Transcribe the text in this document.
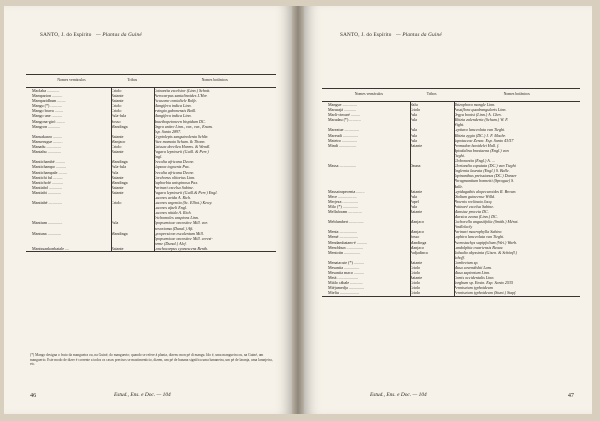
SANTO, J. do Espírito — Plantas da Guiné
Nomes vernáculos	Tribos	Nomes botânicos
Maclaba ............	Criolo	Coinantia excelsior (Linn.) Schott.
Mamparion ..........	Baiante	Pterocarpus santalinoides L'Her.
Mamparidhum ........	Baiante	Ficusome contaliele Rolfe.
Mangu (*) ...........	Criolo	Mangifera indica Linn.
Mango brava ........	Criolo	Irvingia gabonensis Baill.
Mango une ..........	Fula-fula	Mangifera indica Linn.
Mangona-giró ........	Sosso	Anaethopetoneen bispidum DC.
Mangron ............	Mandinga	Ozgra unitre Linn., var., var., Enum.
Esp. Santo 2897.
Mansakaaro .........	Baiante	Cryptolepis sanguinolenta Schltr.
Manserugue .........	Manjaco	Vitex mamaia Schum. & Thonn.
Manadu ..............	Criolo	Caissea dereilea Harms. & Wendl.
Mantahu .............	Baiante	Fagara leprieurii (Guill. & Perr.)
Engl.
Mantichambé .........	Mandinga	Trecalia africana Decne.
Mantichampo ..........	Fula-fula	Uapaca togoenis Pax.
Mantichampale ........	Fula	Treculia africana Decne.
Mantichi ful .........	Baiante	Corchorus olitorius Linn.
Mantichofé ...........	Mandinga	Euphorbia unispinosa Pax.
Mantiabd .............	Baiante	Parinari excelsa Sabine.
Mantiabi .............	Baiante	Fagara leprieurii (Guill.& Perr.) Engl.
Lucenes avida A. Rich.
Mantiabé .............	Criolo	Lucenes urgentia (Sc. Elliot.) Kewy.
Lucenes afaeli Engl.
Lucenes nitida A. Rich.
Trichomoles unspions Linn.
Mantium ..............	Fula	Epopsvmicae oncostive Mill. var.
mesoriama (Dunal.) Aft.
Mantuna .............	Mandinga	Lycopersicon esculentum Mill.
Epopsvmicae oncostive Mill. ceresi-
forme (Dunal.) Alef.
Mantsuankonbatale ....	Baiante	Lonchocarpus cyanescens Benth.
(*) Mango designa o fruto da mangueira ou, na Guiné, do manguerio; quando se refere à planta, dizem: mon pé di mangu. Ido é, uma mangueira ou, na Guiné, um manguerio. Este modo de dizer é corrente a todos os casos precisos se mastimenticio, dizem, um pé de banana significa uma bananeira, um pé de laranja, uma laranjeira, etc.
46	Estud., Ens. e Doc. — 104
SANTO, J. do Espírito — Plantas da Guiné
Nomes vernáculos	Tribos	Nomes botânicos
Mangue ..............	Nalu	Rhizophora mangle Linn.
Marurajá ............	Criolo	Passiflora quadrangularis Linn.
Marli-cimuré .........	Fula	Orgya bootsi (Linn.) A. Chev.
Maradau (*) ...........	Fula	Albizia zalenderia (Schum.) W. F.
Wight.
Mareatue ..............	Fula	Leptiara lanceolata van Tieghi.
Mareudi ...............	Fula	Albizia zygia (DC.) J. F. Macbr.
Mateiro ...............	Fula	Sapotaceae Zenea. Esp. Santo 43/57
Mindi .................	Baiante	Premadon baoidelei Hall. f.
Apiodalina brasiaena (Engl.) van
Tieghi.
Globorantia (Engl.) A. ...
Massa ................	Dauna	Gloriandia caputata (DC.) van Tieghi
Englemia laurata (Engl.) S. Balle.
Tapinanthus preissianus (DC.) Danser
Phragmantium bonnetti (Sprague) S.
Balle.
Massatrapecenta ........	Baiante	Lepidagathis alopecuroides R. Brown.
Mece ..................	Fula	Dialium guineense Willd.
Merjeza ...............	Papel	Phoenix reclinata Jacq.
Milo (*) ...............	Fula	Potinaré excelsa Sabine.
Mellaforam .............	Baiante	Mansiae proceta DC.
Marsica zeana (Linn.) DC.
Mebfambert ..............	Manjaco	Cochorella angustifolia (Smith.) Mérat.
Findlelacly
Menta .................	Manjaco	Parinari macrophylla Sabine.
Memé ..................	Sosso	Lophira lanceolata van Tieghi.
Mendambatam-é ..........	Mandinga	Psorostachys sapipfolium (Wei.) Warb.
Menchhun ................	Manjaco	Landolphia owariensis Beauv.
Mentotin ................	Padjadinca	Kobadia abyssinia (Gisen. & Schönfl.)
Schoff.
Menatacute (*) ..........	Baiante	Combretum sp.
Mesantia ...............	Criolo	Musa cavendishii Lam.
Mesantia maco ..........	Criolo	Musa sapientum Linn.
Metá ....................	Baiante	Comis occidentalis Linn.
Miálo cábale ............	Criolo	Sorghum sp. Ensin. Esp. Santo 2535
Miéjumedja ...............	Criolo	Pennisetum typhoideum
Mieliu ...................	Criolo	Pennisetum typhoideum (Stunt.) Stapf.
Estud., Ens. e Doc. — 104	47
